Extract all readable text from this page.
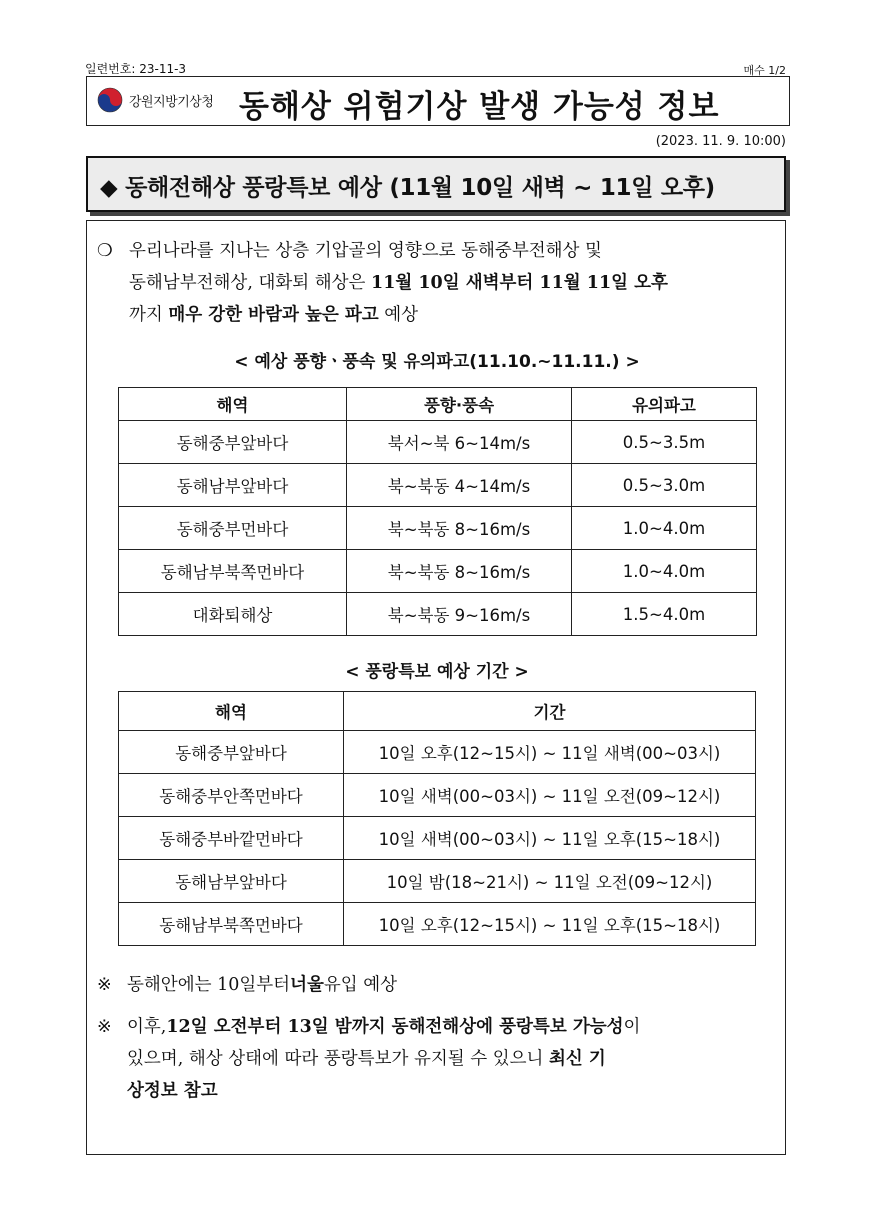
일련번호: 23-11-3	매수 1/2
강원지방기상청 동해상 위험기상 발생 가능성 정보
(2023. 11. 9. 10:00)
◆ 동해전해상 풍랑특보 예상 (11월 10일 새벽 ~ 11일 오후)
❍ 우리나라를 지나는 상층 기압골의 영향으로 동해중부전해상 및
동해남부전해상, 대화퇴 해상은 11월 10일 새벽부터 11월 11일 오후
까지 매우 강한 바람과 높은 파고 예상
< 예상 풍향ㆍ풍속 및 유의파고(11.10.~11.11.) >
해역	풍향·풍속	유의파고
동해중부앞바다	북서~북 6~14m/s	0.5~3.5m
동해남부앞바다	북~북동 4~14m/s	0.5~3.0m
동해중부먼바다	북~북동 8~16m/s	1.0~4.0m
동해남부북쪽먼바다	북~북동 8~16m/s	1.0~4.0m
대화퇴해상	북~북동 9~16m/s	1.5~4.0m
< 풍랑특보 예상 기간 >
해역	기간
동해중부앞바다	10일 오후(12~15시) ~ 11일 새벽(00~03시)
동해중부안쪽먼바다	10일 새벽(00~03시) ~ 11일 오전(09~12시)
동해중부바깥먼바다	10일 새벽(00~03시) ~ 11일 오후(15~18시)
동해남부앞바다	10일 밤(18~21시) ~ 11일 오전(09~12시)
동해남부북쪽먼바다	10일 오후(12~15시) ~ 11일 오후(15~18시)
※ 동해안에는 10일부터 너울 유입 예상
※ 이후, 12일 오전부터 13일 밤까지 동해전해상에 풍랑특보 가능성 이
있으며, 해상 상태에 따라 풍랑특보가 유지될 수 있으니 최신 기
상정보 참고
